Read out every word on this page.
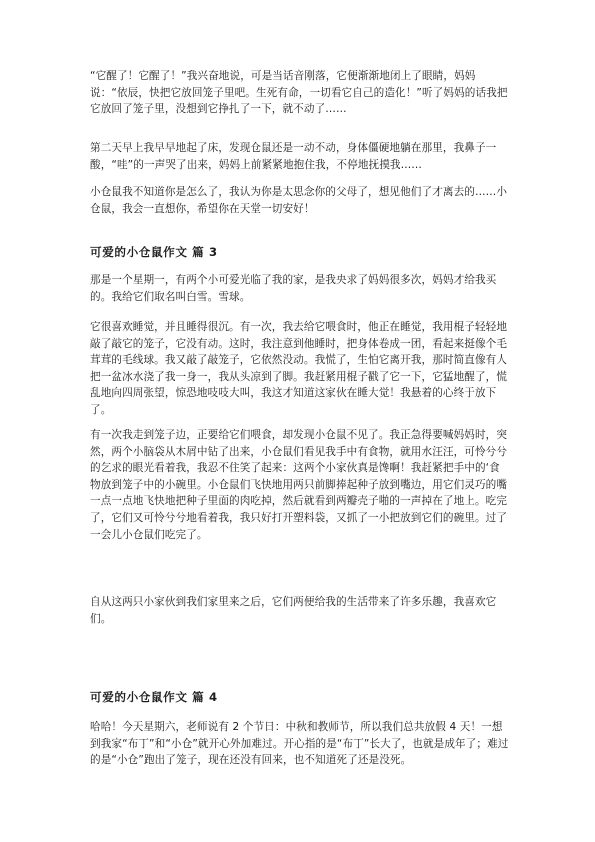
“它醒了！它醒了！”我兴奋地说，可是当话音刚落，它便渐渐地闭上了眼睛，妈妈说：“依辰，快把它放回笼子里吧。生死有命，一切看它自己的造化！”听了妈妈的话我把它放回了笼子里，没想到它挣扎了一下，就不动了……

第二天早上我早早地起了床，发现仓鼠还是一动不动，身体僵硬地躺在那里，我鼻子一酸，“哇”的一声哭了出来，妈妈上前紧紧地抱住我，不停地抚摸我……

小仓鼠我不知道你是怎么了，我认为你是太思念你的父母了，想见他们了才离去的……小仓鼠，我会一直想你，希望你在天堂一切安好！

可爱的小仓鼠作文 篇 3

那是一个星期一，有两个小可爱光临了我的家，是我央求了妈妈很多次，妈妈才给我买的。我给它们取名叫白雪。雪球。

它很喜欢睡觉，并且睡得很沉。有一次，我去给它喂食时，他正在睡觉，我用棍子轻轻地敲了敲它的笼子，它没有动。这时，我注意到他睡时，把身体卷成一团，看起来挺像个毛茸茸的毛线球。我又敲了敲笼子，它依然没动。我慌了，生怕它离开我，那时简直像有人把一盆冰水浇了我一身一，我从头凉到了脚。我赶紧用棍子戳了它一下，它猛地醒了，慌乱地向四周张望，惊恐地吱吱大叫，我这才知道这家伙在睡大觉！我悬着的心终于放下了。

有一次我走到笼子边，正要给它们喂食，却发现小仓鼠不见了。我正急得要喊妈妈时，突然，两个小脑袋从木屑中钻了出来，小仓鼠们看见我手中有食物，就用水汪汪，可怜兮兮的乞求的眼光看着我，我忍不住笑了起来：这两个小家伙真是馋啊！我赶紧把手中的‘食物放到笼子中的小碗里。小仓鼠们飞快地用两只前脚捧起种子放到嘴边，用它们灵巧的嘴一点一点地飞快地把种子里面的肉吃掉，然后就看到两瓣壳子啪的一声掉在了地上。吃完了，它们又可怜兮兮地看着我，我只好打开塑料袋，又抓了一小把放到它们的碗里。过了一会儿小仓鼠们吃完了。

自从这两只小家伙到我们家里来之后，它们两便给我的生活带来了许多乐趣，我喜欢它们。

可爱的小仓鼠作文 篇 4

哈哈！今天星期六，老师说有 2 个节日：中秋和教师节，所以我们总共放假 4 天！一想到我家“布丁”和“小仓”就开心外加难过。开心指的是“布丁”长大了，也就是成年了；难过的是“小仓”跑出了笼子，现在还没有回来，也不知道死了还是没死。
